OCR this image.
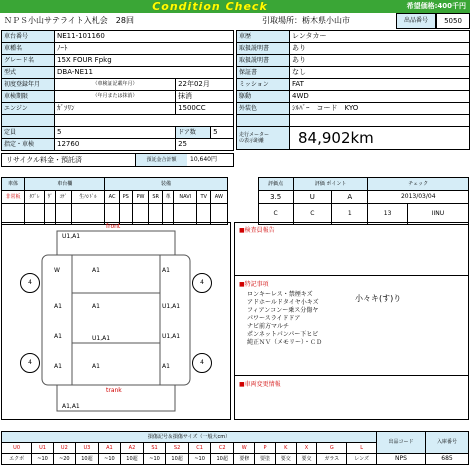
Condition Check	希望価格:400千円
ＮＰＳ小山サテライト入札会　28回	引取場所：栃木県小山市	出品番号	5050
車台番号	NE11-101160		
車種名	ﾉｰﾄ		
グレード名	15X FOUR Fpkg		
型式	DBA-NE11		
初度登録年月	（車検証記載年月）	22年02月	
車検期限	（年月または抹消）	抹消	
エンジン	ｶﾞｿﾘﾝ	1500CC	

定員	5	ドア数	5
指定・車検	12760	25	
車歴	レンタカー
取扱説明書	あり
取扱説明書	あり
保証書	なし
ミッション	FAT
駆動	4WD
外装色	ｼﾙﾊﾞｰ　コード　KYO

走行メーター
の表示距離	84,902km
リサイクル料金・預託済	預託金合計額	10,640円
車体	車台欄				装備									評価点	評価 ポイント		チェック	
非常板	ﾀﾌﾟﾚ	ｳﾞ	ｺｹﾞ	生ﾊﾝﾄﾞﾙ	AC	PS	PW	SR	革	NAVI	TV	AW		3.5	U	A	2013/03/04	
														C	C	1	13	IINU
front
trank
U1,A1
W	A1	A1
A1	U1,A1
A1
A1	U1,A1
U1,A1
A1	A1	A1
A1,A1
4	4
4	4
■検査員報告
■特記事項
ロンキーレス・禁煙キズ
アドホールドタイヤ小キズ
フィアンコンー乗ス分傷ヤ
パワースライドドア
ナビ前方マルチ
ポンネットパンパー下ヒビ
純正ＮＶ（メモリー）・ＣＤ
小々キ(す)り
■車両変更情報
損傷記号＆損傷サイズ（一般大cm）																出品コード	入庫番号
U0	U1	U2	U3	A1	A2	S1	S2	C1	C2	W	P	K	X	G	L		
エクボ	~10	~20	10超	~10	10超	~10	10超	~10	10超	要修	要塗	要交	要交	ガラス	レンズ	NPS	685
